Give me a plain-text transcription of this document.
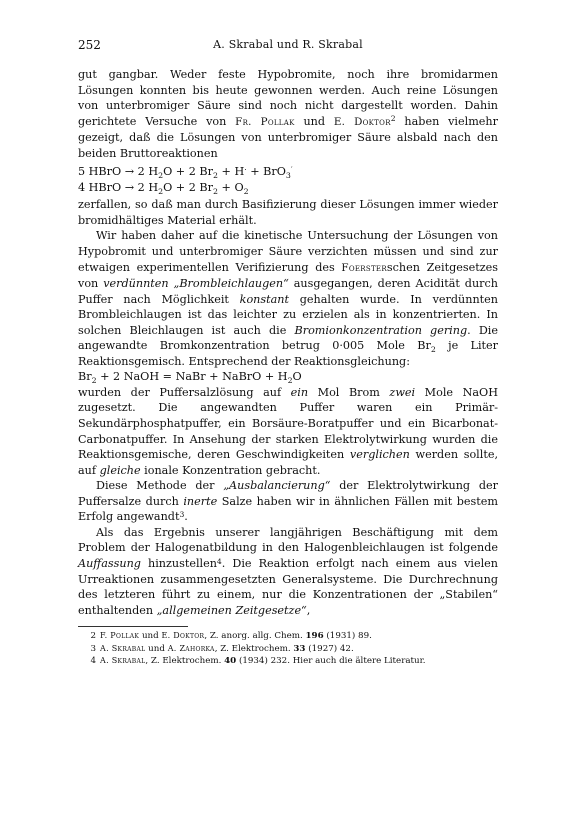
252	A. Skrabal und R. Skrabal

gut gangbar. Weder feste Hypobromite, noch ihre bromidarmen Lösungen konnten bis heute gewonnen werden. Auch reine Lösungen von unterbromiger Säure sind noch nicht dargestellt worden. Dahin gerichtete Versuche von Fr. Pollak und E. Doktor$^2$ haben vielmehr gezeigt, daß die Lösungen von unterbromiger Säure alsbald nach den beiden Bruttoreaktionen

5 HBrO → 2 $H_2O + 2$ $Br_2 + H^\cdot + BrO_3'$

4 HBrO → 2 $H_2O + 2$ $Br_2 + O_2$

zerfallen, so daß man durch Basifizierung dieser Lösungen immer wieder bromidhältiges Material erhält.

Wir haben daher auf die kinetische Untersuchung der Lösungen von Hypobromit und unterbromiger Säure verzichten müssen und sind zur etwaigen experimentellen Verifizierung des Foersterschen Zeitgesetzes von verdünnten „Brombleichlaugen“ ausgegangen, deren Acidität durch Puffer nach Möglichkeit konstant gehalten wurde. In verdünnten Brombleichlaugen ist das leichter zu erzielen als in konzentrierten. In solchen Bleichlaugen ist auch die Bromionkonzentration gering. Die angewandte Bromkonzentration betrug 0·005 Mole $Br_2$ je Liter Reaktionsgemisch. Entsprechend der Reaktionsgleichung:

$Br_2 + 2$ NaOH = NaBr + NaBrO + $H_2O$

wurden der Puffersalzlösung auf ein Mol Brom zwei Mole NaOH zugesetzt. Die angewandten Puffer waren ein Primär-Sekundärphosphatpuffer, ein Borsäure-Boratpuffer und ein Bicarbonat-Carbonatpuffer. In Ansehung der starken Elektrolytwirkung wurden die Reaktionsgemische, deren Geschwindigkeiten verglichen werden sollte, auf gleiche ionale Konzentration gebracht.

Diese Methode der „Ausbalancierung“ der Elektrolytwirkung der Puffersalze durch inerte Salze haben wir in ähnlichen Fällen mit bestem Erfolg angewandt$^3$.

Als das Ergebnis unserer langjährigen Beschäftigung mit dem Problem der Halogenatbildung in den Halogenbleichlaugen ist folgende Auffassung hinzustellen$^4$. Die Reaktion erfolgt nach einem aus vielen Urreaktionen zusammengesetzten Generalsysteme. Die Durchrechnung des letzteren führt zu einem, nur die Konzentrationen der „Stabilen“ enthaltenden „allgemeinen Zeitgesetze“,

2 F. Pollak und E. Doktor, Z. anorg. allg. Chem. 196 (1931) 89.

3 A. Skrabal und A. Zahorka, Z. Elektrochem. 33 (1927) 42.

4 A. Skrabal, Z. Elektrochem. 40 (1934) 232. Hier auch die ältere Literatur.
